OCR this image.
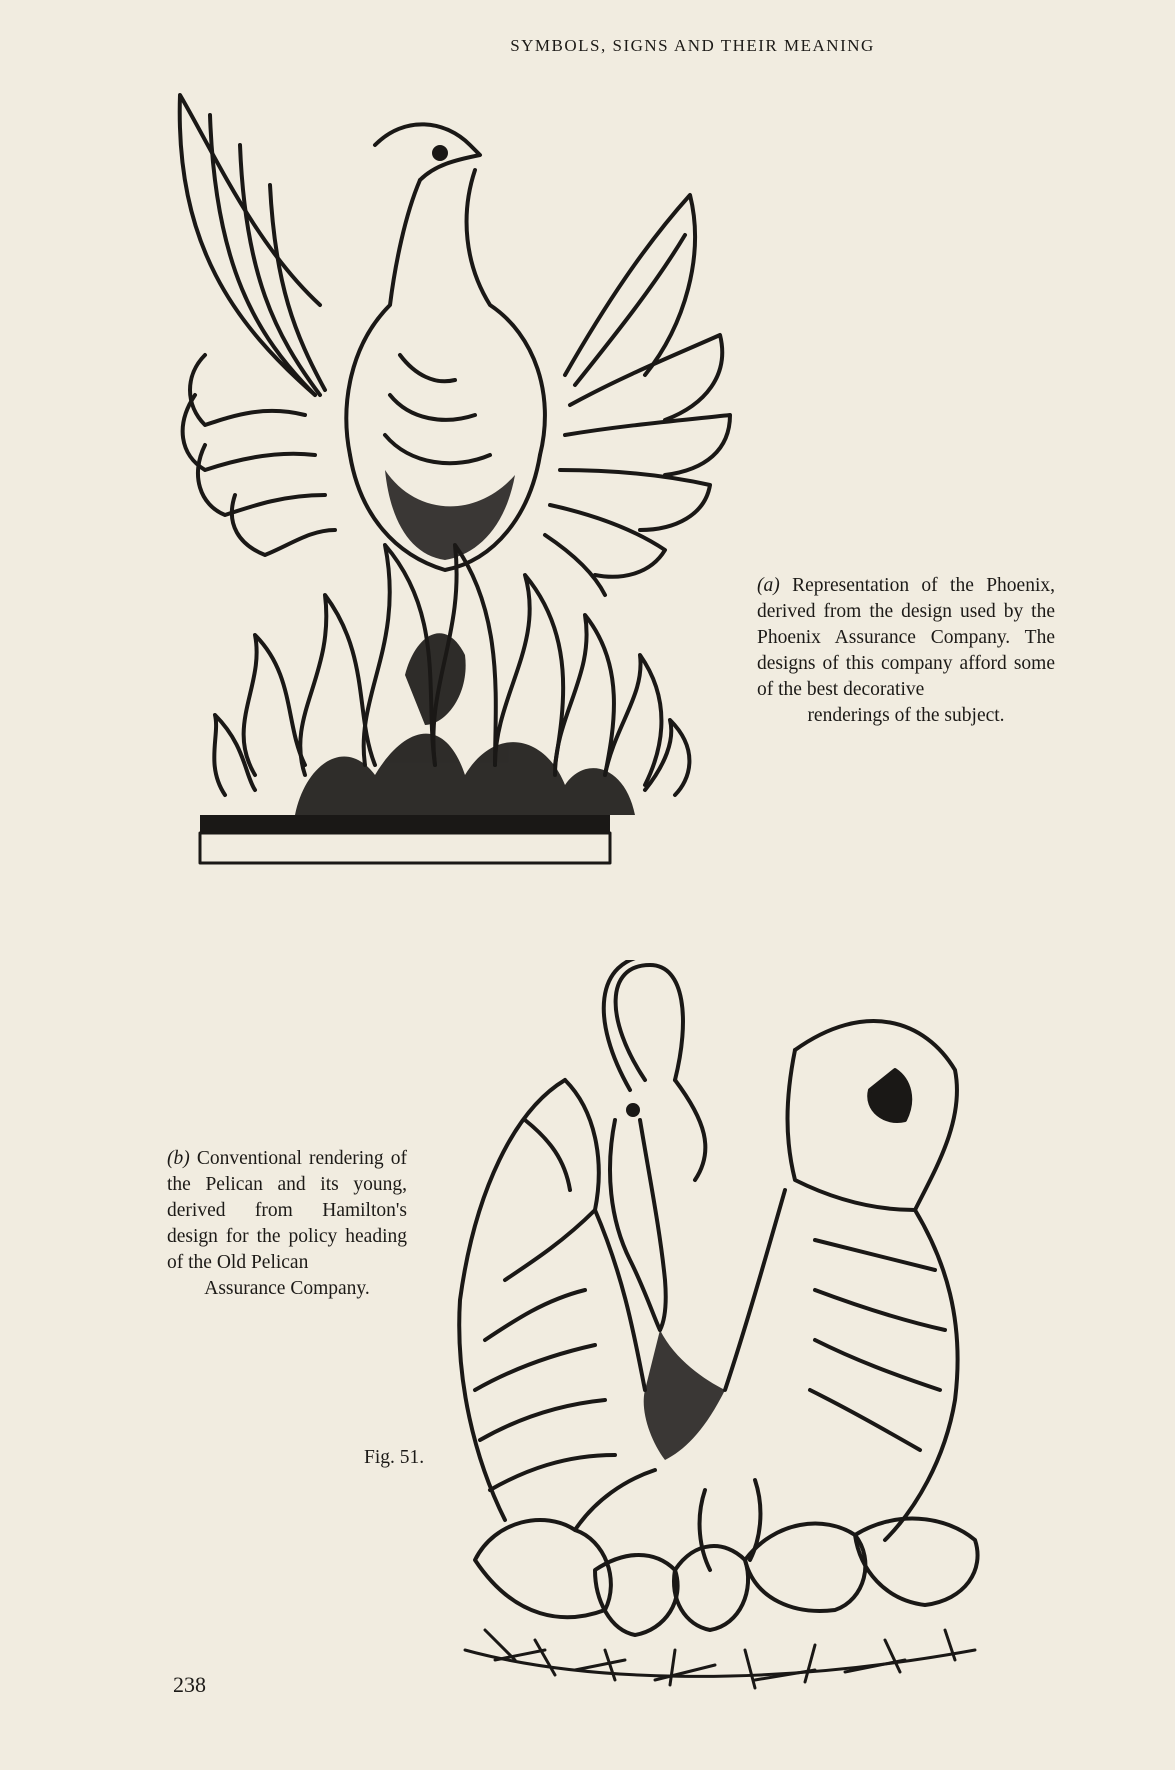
SYMBOLS, SIGNS AND THEIR MEANING
(a) Representation of the Phoenix, derived from the design used by the Phoenix Assurance Company. The designs of this company afford some of the best decorative
renderings of the subject.
(b) Conventional rendering of the Pelican and its young, derived from Hamilton's design for the policy heading of the Old Pelican
Assurance Company.
Fig. 51.
238
